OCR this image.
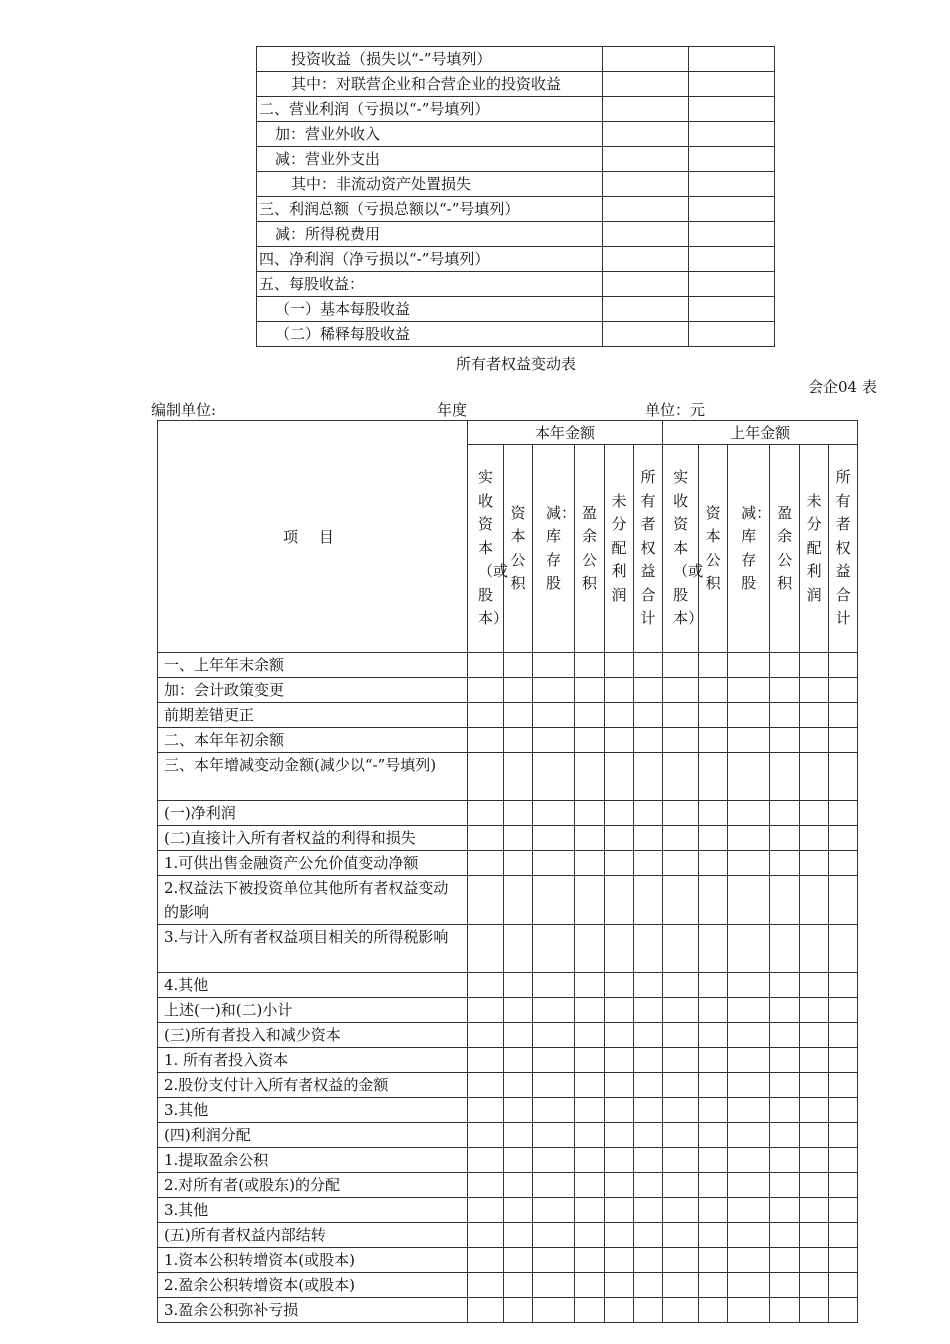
投资收益（损失以“-”号填列）		
其中：对联营企业和合营企业的投资收益		
二、营业利润（亏损以“-”号填列）		
加：营业外收入		
减：营业外支出		
其中：非流动资产处置损失		
三、利润总额（亏损总额以“-”号填列）		
减：所得税费用		
四、净利润（净亏损以“-”号填列）		
五、每股收益：		
（一）基本每股收益		
（二）稀释每股收益		
所有者权益变动表
会企04 表
编制单位:	年度	单位：元
项 目	本年金额						上年金额					

	实收资本（或股本）	资本公积	减：库存股	盈余公积	未分配利润	所有者权益合计	实收资本（或股本）	资本公积	减：库存股	盈余公积	未分配利润	所有者权益合计

一、上年年末余额												
加：会计政策变更												
前期差错更正												
二、本年年初余额												
三、本年增减变动金额(减少以“-”号填列)												
(一)净利润												
(二)直接计入所有者权益的利得和损失												
1.可供出售金融资产公允价值变动净额												
2.权益法下被投资单位其他所有者权益变动的影响												
3.与计入所有者权益项目相关的所得税影响												
4.其他												
上述(一)和(二)小计												
(三)所有者投入和减少资本												
1. 所有者投入资本												
2.股份支付计入所有者权益的金额												
3.其他												
(四)利润分配												
1.提取盈余公积												
2.对所有者(或股东)的分配												
3.其他												
(五)所有者权益内部结转												
1.资本公积转增资本(或股本)												
2.盈余公积转增资本(或股本)												
3.盈余公积弥补亏损												
